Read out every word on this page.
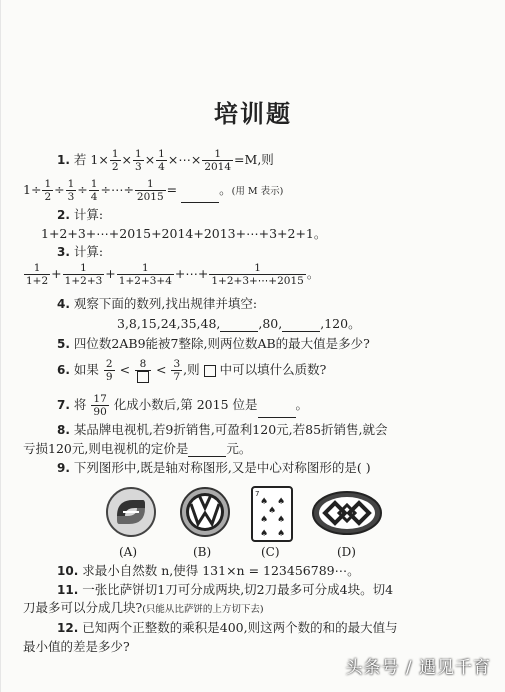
培训题
1. 若 $1\times \frac{1}{2} \times \frac{1}{3} \times \frac{1}{4}$ ×⋯× $\frac{1}{2014} =M$,则
$1\div \frac{1}{2} \div \frac{1}{3} \div \frac{1}{4}$ ÷⋯÷ $\frac{1}{2015}$ =	。(用 M 表示)
2. 计算:
1+2+3+⋯+2015+2014+2013+⋯+3+2+1。
3. 计算:
$\frac{1}{1+2} + \frac{1}{1+2+3} + \frac{1}{1+2+3+4}$ +⋯+ $\frac{1}{1+2+3+\cdots+2015}$ 。
4. 观察下面的数列,找出规律并填空:
3,8,15,24,35,48,	,80,	,120。
5. 四位数2AB9能被7整除,则两位数AB的最大值是多少?
6. 如果 $\frac{2}{9} < 8 < \frac{3}{7}$ ,则 中可以填什么质数?
7. 将 $\frac{17}{90}$ 化成小数后,第 2015 位是	。
8. 某品牌电视机,若9折销售,可盈利120元,若85折销售,就会
亏损120元,则电视机的定价是	元。
9. 下列图形中,既是轴对称图形,又是中心对称图形的是( )
7
♠ ♠
♠
♠ ♠
♠ ♠
(A)	(B)	(C)	(D)
10. 求最小自然数 n,使得 131×n = 123456789⋯。
11. 一张比萨饼切1刀可分成两块,切2刀最多可分成4块。切4
刀最多可以分成几块?(只能从比萨饼的上方切下去)
12. 已知两个正整数的乘积是400,则这两个数的和的最大值与
最小值的差是多少?
头条号 / 遇见千育
